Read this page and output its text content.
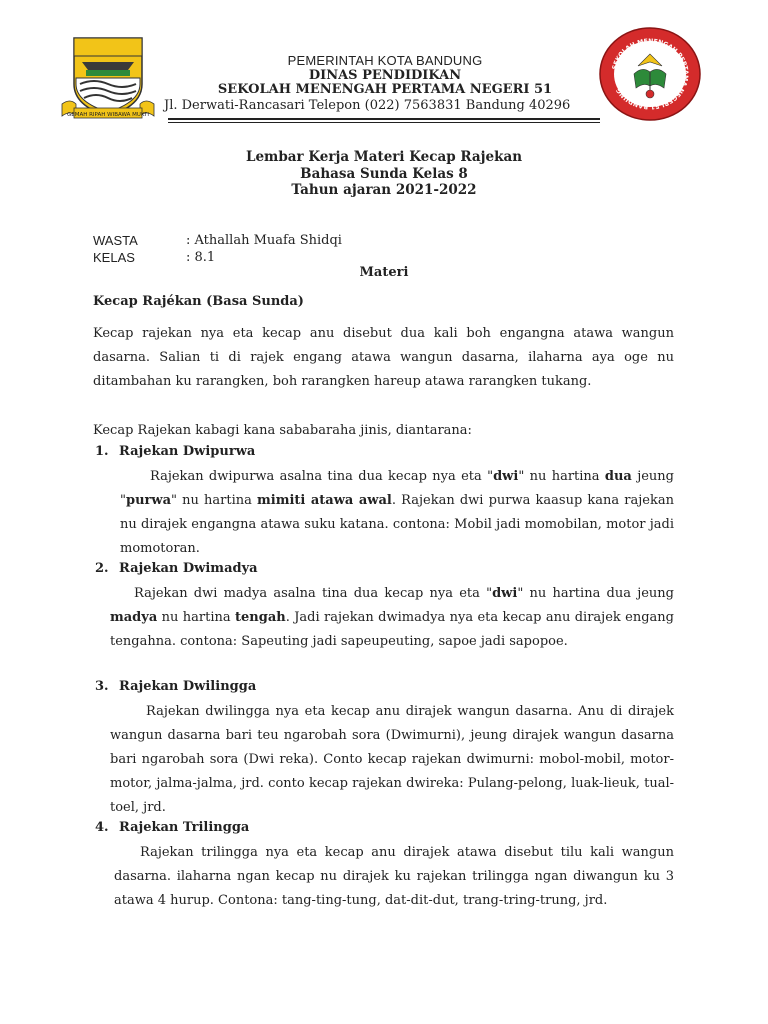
GEMAH RIPAH WIBAWA MUKTI
SEKOLAH MENENGAH PERTAMA NEGERI 51 BANDUNG
PEMERINTAH KOTA BANDUNG
DINAS PENDIDIKAN
SEKOLAH MENENGAH PERTAMA NEGERI 51
Jl. Derwati-Rancasari Telepon (022) 7563831 Bandung 40296
Lembar Kerja Materi Kecap Rajekan
Bahasa Sunda Kelas 8
Tahun ajaran 2021-2022
WASTA	: Athallah Muafa Shidqi
KELAS	: 8.1
Materi
Kecap Rajékan (Basa Sunda)
Kecap rajekan nya eta kecap anu disebut dua kali boh engangna atawa wangun dasarna. Salian ti di rajek engang atawa wangun dasarna, ilaharna aya oge nu ditambahan ku rarangken, boh rarangken hareup atawa rarangken tukang.
Kecap Rajekan kabagi kana sababaraha jinis, diantarana:
1. Rajekan Dwipurwa
Rajekan dwipurwa asalna tina dua kecap nya eta "dwi" nu hartina dua jeung "purwa" nu hartina mimiti atawa awal. Rajekan dwi purwa kaasup kana rajekan nu dirajek engangna atawa suku katana. contona: Mobil jadi momobilan, motor jadi momotoran.
2. Rajekan Dwimadya
Rajekan dwi madya asalna tina dua kecap nya eta "dwi" nu hartina dua jeung madya nu hartina tengah. Jadi rajekan dwimadya nya eta kecap anu dirajek engang tengahna. contona: Sapeuting jadi sapeupeuting, sapoe jadi sapopoe.
3. Rajekan Dwilingga
Rajekan dwilingga nya eta kecap anu dirajek wangun dasarna. Anu di dirajek wangun dasarna bari teu ngarobah sora (Dwimurni), jeung dirajek wangun dasarna bari ngarobah sora (Dwi reka). Conto kecap rajekan dwimurni: mobol-mobil, motor-motor, jalma-jalma, jrd. conto kecap rajekan dwireka: Pulang-pelong, luak-lieuk, tual-toel, jrd.
4. Rajekan Trilingga
Rajekan trilingga nya eta kecap anu dirajek atawa disebut tilu kali wangun dasarna. ilaharna ngan kecap nu dirajek ku rajekan trilingga ngan diwangun ku 3 atawa 4 hurup. Contona: tang-ting-tung, dat-dit-dut, trang-tring-trung, jrd.
